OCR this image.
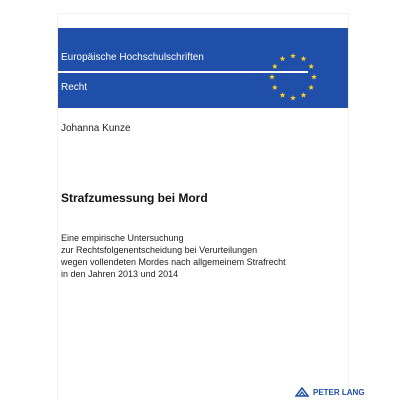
Europäische Hochschulschriften
Recht
Johanna Kunze
Strafzumessung bei Mord
Eine empirische Untersuchung
zur Rechtsfolgenentscheidung bei Verurteilungen
wegen vollendeten Mordes nach allgemeinem Strafrecht
in den Jahren 2013 und 2014
PETER LANG
